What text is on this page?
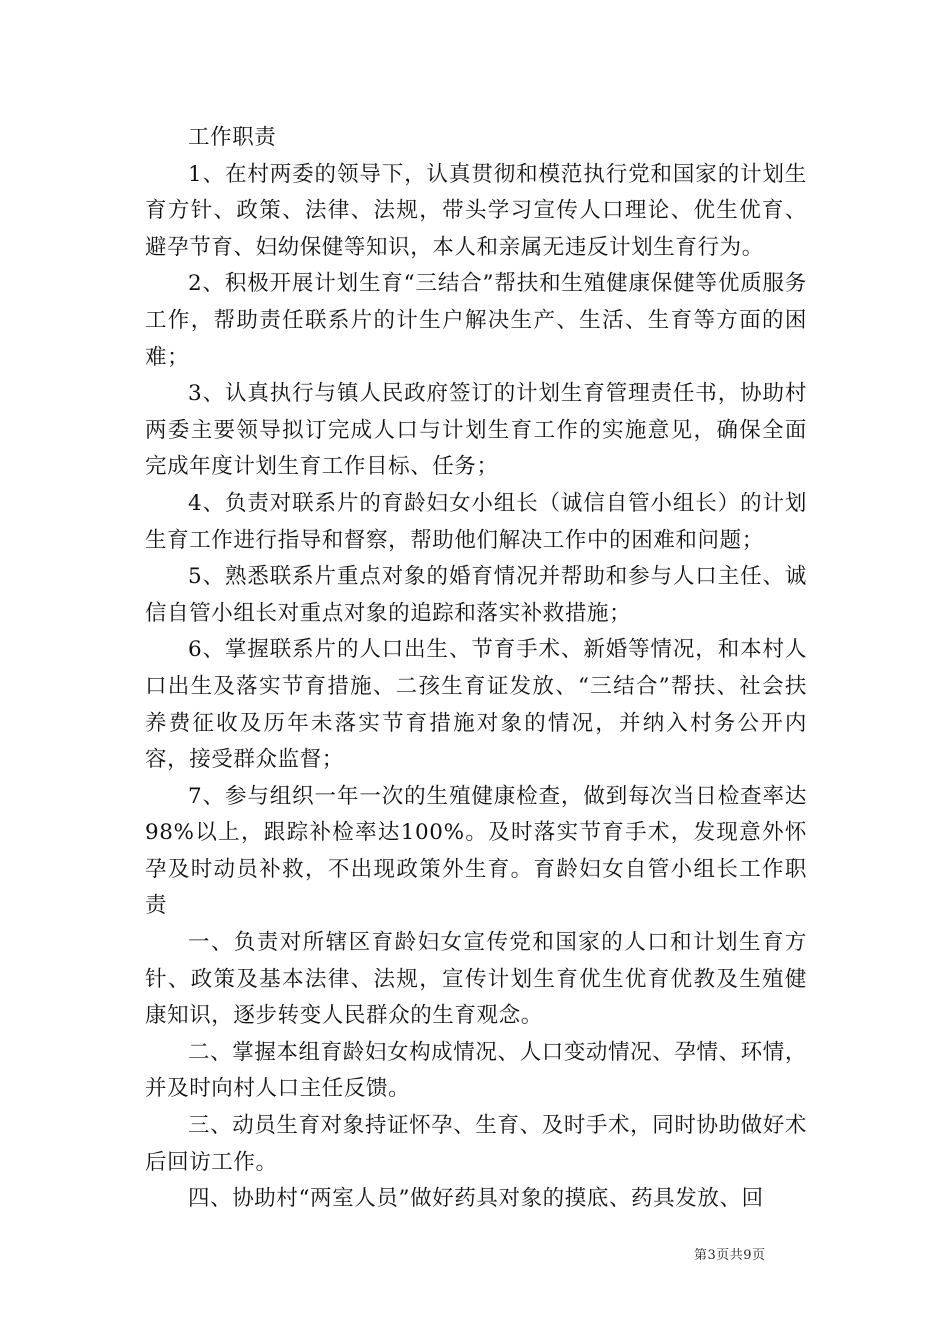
工作职责

1、在村两委的领导下，认真贯彻和模范执行党和国家的计划生育方针、政策、法律、法规，带头学习宣传人口理论、优生优育、避孕节育、妇幼保健等知识，本人和亲属无违反计划生育行为。

2、积极开展计划生育“三结合”帮扶和生殖健康保健等优质服务工作，帮助责任联系片的计生户解决生产、生活、生育等方面的困难；

3、认真执行与镇人民政府签订的计划生育管理责任书，协助村两委主要领导拟订完成人口与计划生育工作的实施意见，确保全面完成年度计划生育工作目标、任务；

4、负责对联系片的育龄妇女小组长（诚信自管小组长）的计划生育工作进行指导和督察，帮助他们解决工作中的困难和问题；

5、熟悉联系片重点对象的婚育情况并帮助和参与人口主任、诚信自管小组长对重点对象的追踪和落实补救措施；

6、掌握联系片的人口出生、节育手术、新婚等情况，和本村人口出生及落实节育措施、二孩生育证发放、“三结合”帮扶、社会扶养费征收及历年未落实节育措施对象的情况，并纳入村务公开内容，接受群众监督；

7、参与组织一年一次的生殖健康检查，做到每次当日检查率达98%以上，跟踪补检率达100%。及时落实节育手术，发现意外怀孕及时动员补救，不出现政策外生育。育龄妇女自管小组长工作职责

一、负责对所辖区育龄妇女宣传党和国家的人口和计划生育方针、政策及基本法律、法规，宣传计划生育优生优育优教及生殖健康知识，逐步转变人民群众的生育观念。

二、掌握本组育龄妇女构成情况、人口变动情况、孕情、环情，并及时向村人口主任反馈。

三、动员生育对象持证怀孕、生育、及时手术，同时协助做好术后回访工作。

四、协助村“两室人员”做好药具对象的摸底、药具发放、回

第3页共9页
